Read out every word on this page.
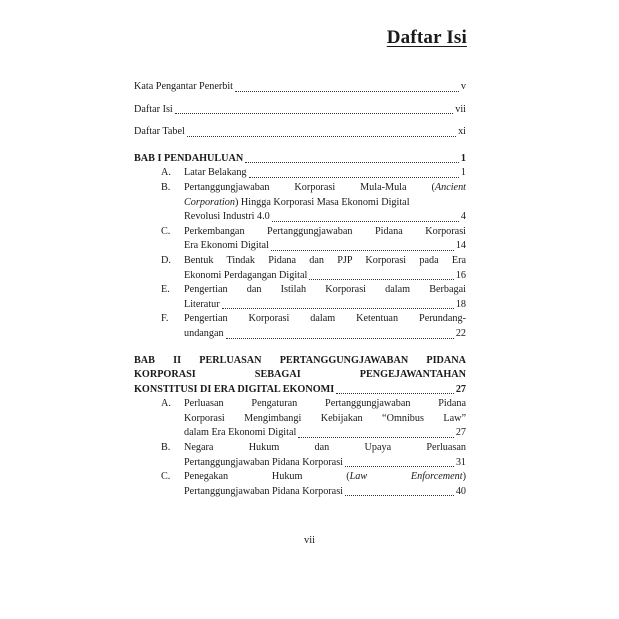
Daftar Isi
Kata Pengantar Penerbit	v
Daftar Isi	vii
Daftar Tabel	xi
BAB I PENDAHULUAN	1
A.	Latar Belakang	1
B.	Pertanggungjawaban Korporasi Mula-Mula (Ancient
Corporation) Hingga Korporasi Masa Ekonomi Digital
Revolusi Industri 4.0	4
C.	Perkembangan Pertanggungjawaban Pidana Korporasi
Era Ekonomi Digital	14
D.	Bentuk Tindak Pidana dan PJP Korporasi pada Era
Ekonomi Perdagangan Digital	16
E.	Pengertian dan Istilah Korporasi dalam Berbagai
Literatur	18
F.	Pengertian Korporasi dalam Ketentuan Perundang-
undangan	22
BAB II PERLUASAN PERTANGGUNGJAWABAN PIDANA
KORPORASI SEBAGAI PENGEJAWANTAHAN
KONSTITUSI DI ERA DIGITAL EKONOMI	27
A.	Perluasan Pengaturan Pertanggungjawaban Pidana
Korporasi Mengimbangi Kebijakan “Omnibus Law”
dalam Era Ekonomi Digital	27
B.	Negara Hukum dan Upaya Perluasan
Pertanggungjawaban Pidana Korporasi	31
C.	Penegakan Hukum (Law Enforcement)
Pertanggungjawaban Pidana Korporasi	40
vii
